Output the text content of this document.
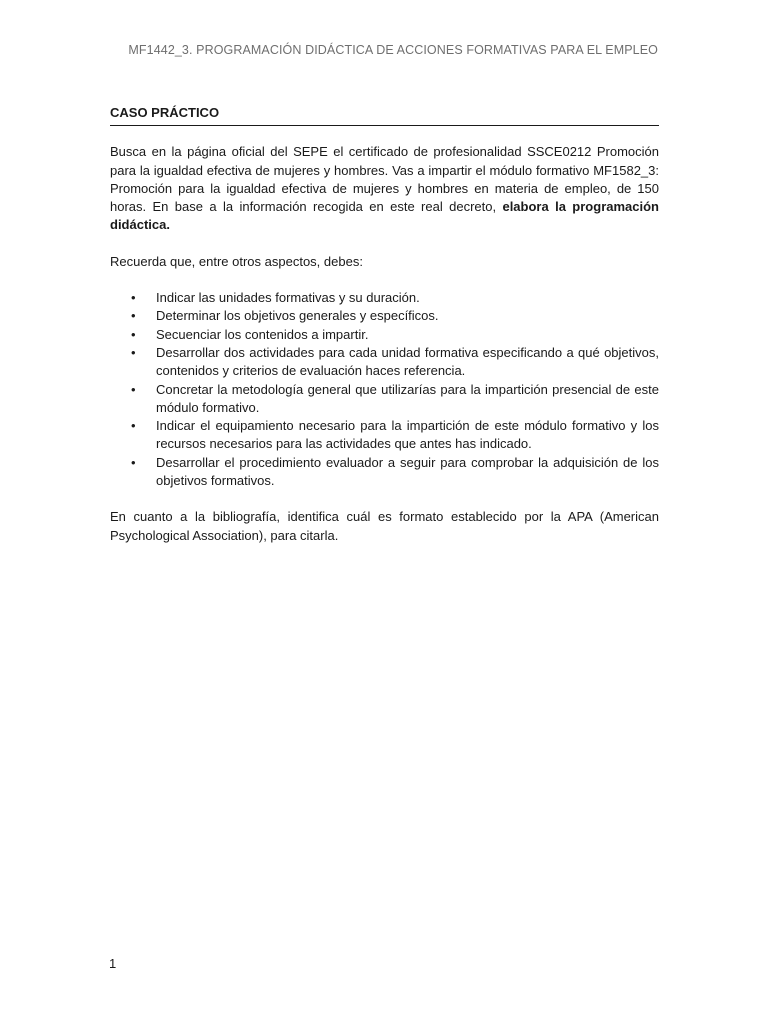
MF1442_3. PROGRAMACIÓN DIDÁCTICA DE ACCIONES FORMATIVAS PARA EL EMPLEO
CASO PRÁCTICO

Busca en la página oficial del SEPE el certificado de profesionalidad SSCE0212 Promoción para la igualdad efectiva de mujeres y hombres. Vas a impartir el módulo formativo MF1582_3: Promoción para la igualdad efectiva de mujeres y hombres en materia de empleo, de 150 horas. En base a la información recogida en este real decreto, elabora la programación didáctica.

Recuerda que, entre otros aspectos, debes:

• Indicar las unidades formativas y su duración.
• Determinar los objetivos generales y específicos.
• Secuenciar los contenidos a impartir.
• Desarrollar dos actividades para cada unidad formativa especificando a qué objetivos, contenidos y criterios de evaluación haces referencia.
• Concretar la metodología general que utilizarías para la impartición presencial de este módulo formativo.
• Indicar el equipamiento necesario para la impartición de este módulo formativo y los recursos necesarios para las actividades que antes has indicado.
• Desarrollar el procedimiento evaluador a seguir para comprobar la adquisición de los objetivos formativos.

En cuanto a la bibliografía, identifica cuál es formato establecido por la APA (American Psychological Association), para citarla.

1
